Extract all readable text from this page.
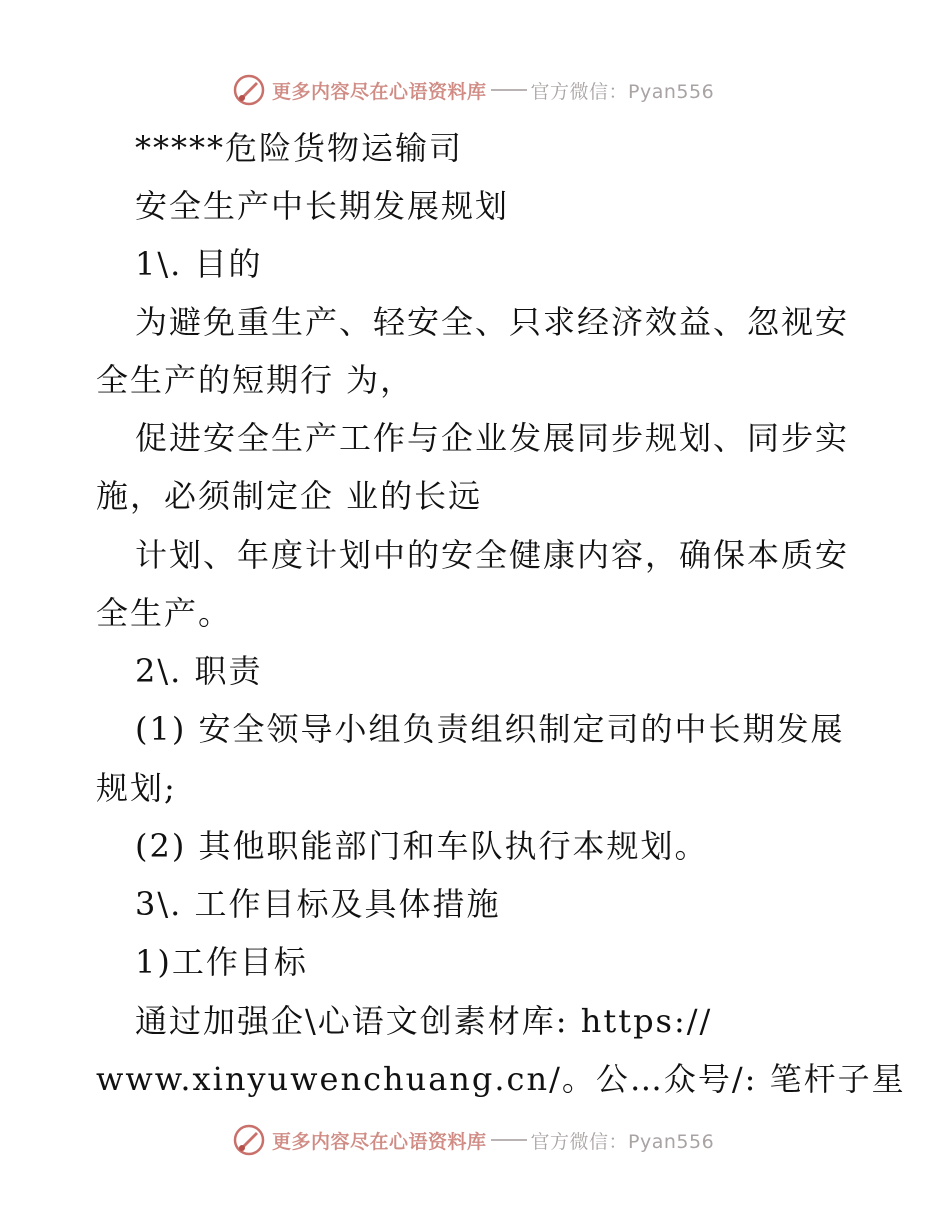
更多内容尽在心语资料库 官方微信：Pyan556
*****危险货物运输司
安全生产中长期发展规划
1\. 目的
为避免重生产、轻安全、只求经济效益、忽视安
全生产的短期行 为，
促进安全生产工作与企业发展同步规划、同步实
施，必须制定企 业的长远
计划、年度计划中的安全健康内容，确保本质安
全生产。
2\. 职责
(1) 安全领导小组负责组织制定司的中长期发展
规划;
(2) 其他职能部门和车队执行本规划。
3\. 工作目标及具体措施
1)工作目标
通过加强企\心语文创素材库: https://
www.xinyuwenchuang.cn/。公…众号/: 笔杆子星
更多内容尽在心语资料库 官方微信：Pyan556
